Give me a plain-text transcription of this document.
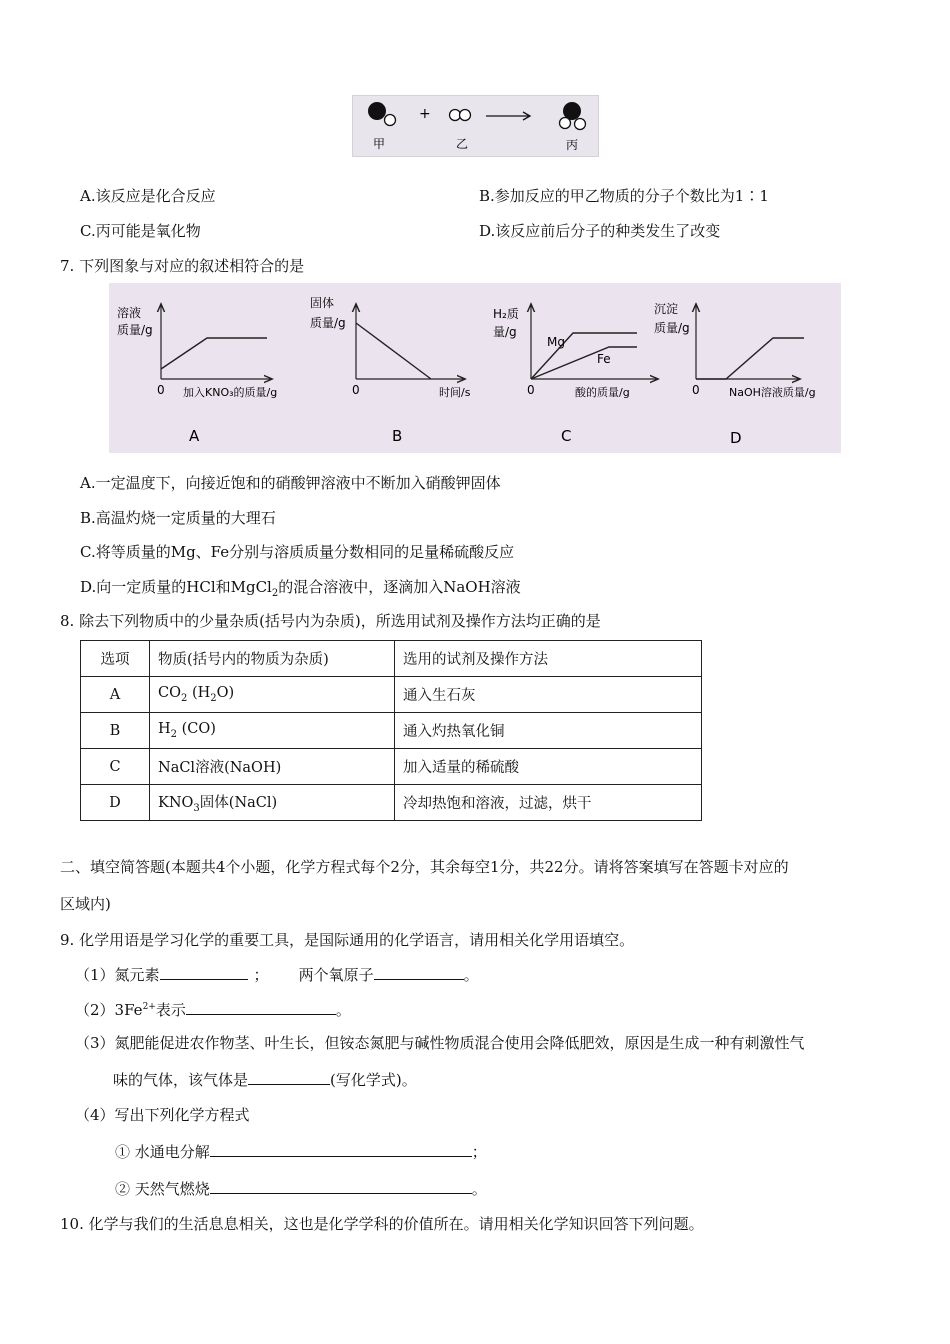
+
甲	乙	丙
A.该反应是化合反应	B.参加反应的甲乙物质的分子个数比为1∶1
C.丙可能是氧化物	D.该反应前后分子的种类发生了改变
7. 下列图象与对应的叙述相符合的是
溶液
质量/g
0 加入KNO₃的质量/g
A
固体
质量/g
0	时间/s
B
H₂质
量/g
Mg
Fe
0	酸的质量/g
C
沉淀
质量/g
0	NaOH溶液质量/g
D
A.一定温度下，向接近饱和的硝酸钾溶液中不断加入硝酸钾固体
B.高温灼烧一定质量的大理石
C.将等质量的Mg、Fe分别与溶质质量分数相同的足量稀硫酸反应
D.向一定质量的HCl和MgCl$_2$的混合溶液中，逐滴加入NaOH溶液
8. 除去下列物质中的少量杂质(括号内为杂质)，所选用试剂及操作方法均正确的是
选项	物质(括号内的物质为杂质)	选用的试剂及操作方法
A	$CO_2$ $(H_2O)$	通入生石灰
B	$H_2$ (CO)	通入灼热氧化铜
C	NaCl溶液(NaOH)	加入适量的稀硫酸
D	$KNO_3$固体(NaCl)	冷却热饱和溶液，过滤，烘干
二、填空简答题(本题共4个小题，化学方程式每个2分，其余每空1分，共22分。请将答案填写在答题卡对应的
区域内)
9. 化学用语是学习化学的重要工具，是国际通用的化学语言，请用相关化学用语填空。
（1）氮元素	； 两个氧原子	。
$(2)3Fe^{2+}$表示	。
（3）氮肥能促进农作物茎、叶生长，但铵态氮肥与碱性物质混合使用会降低肥效，原因是生成一种有刺激性气
味的气体，该气体是	(写化学式)。
（4）写出下列化学方程式
① 水通电分解	；
② 天然气燃烧	。
10. 化学与我们的生活息息相关，这也是化学学科的价值所在。请用相关化学知识回答下列问题。
